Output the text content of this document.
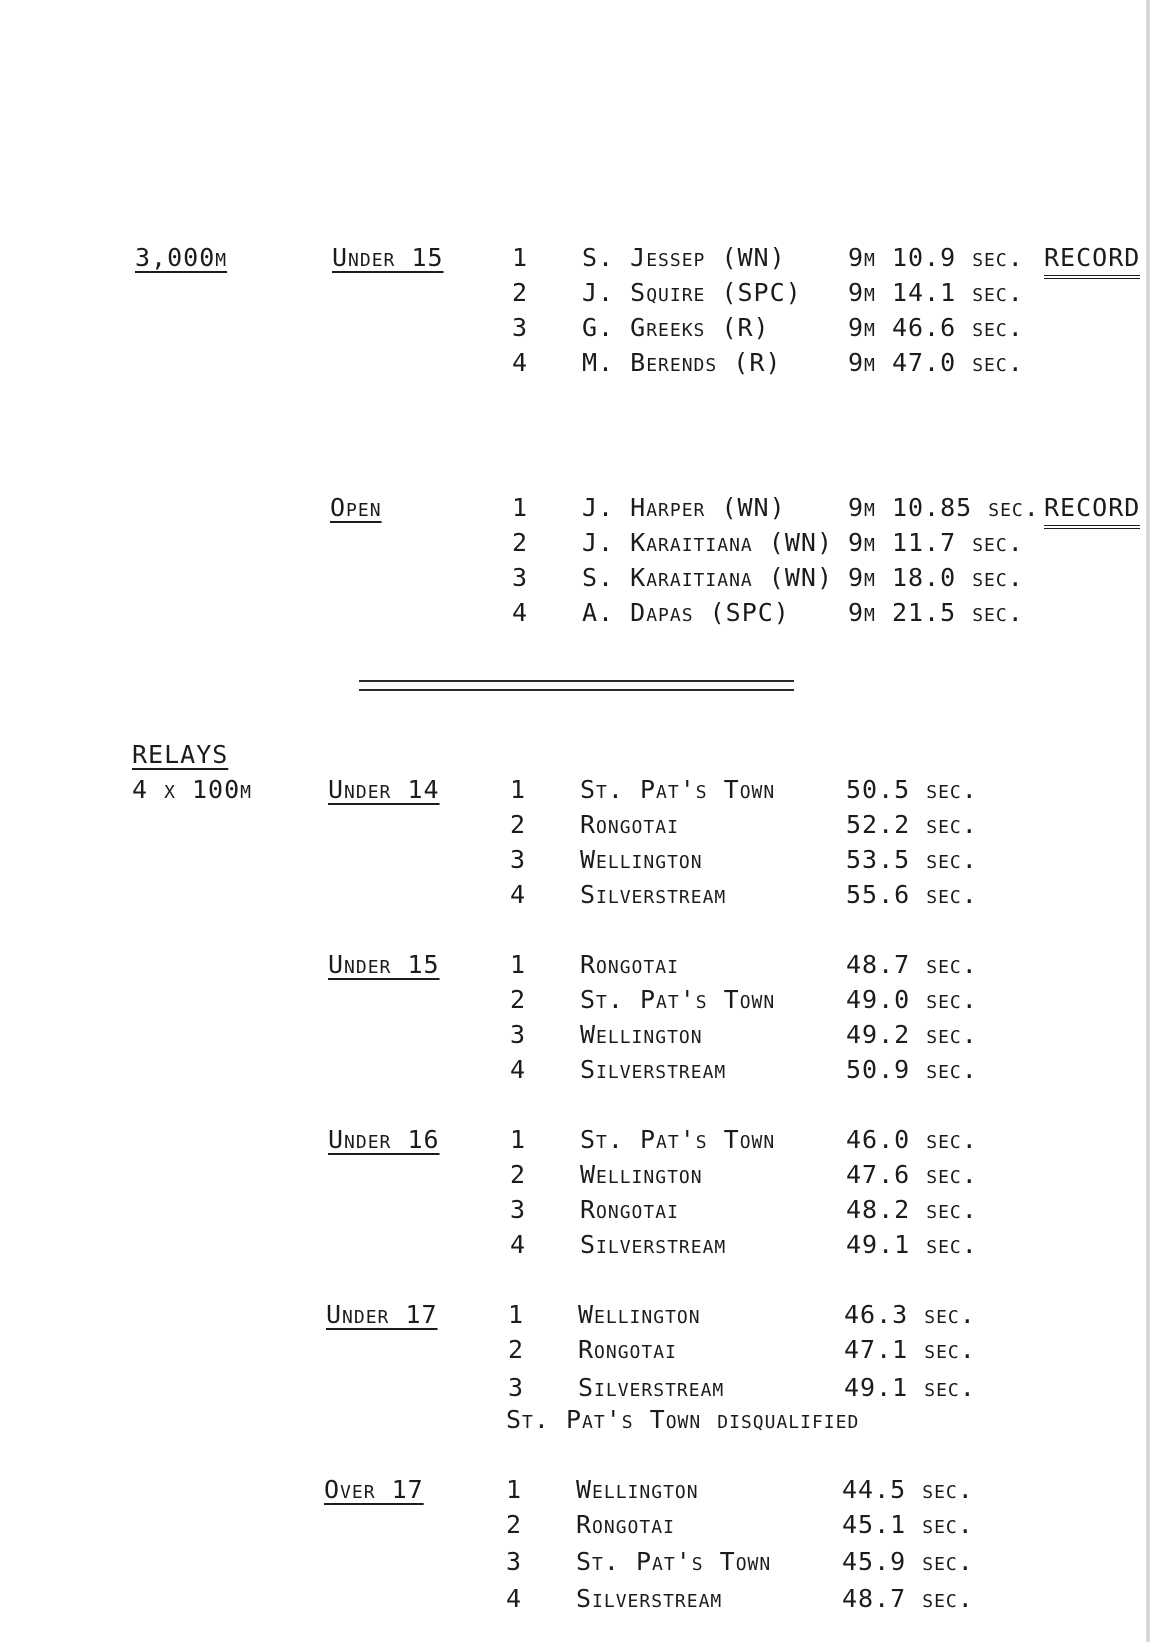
3,000m	Under 15	RECORD
1 S. Jessep (WN) 9m 10.9 sec.
2 J. Squire (SPC) 9m 14.1 sec.
3 G. Greeks (R)	9m 46.6 sec.
4 M. Berends (R)	9m 47.0 sec.
Open	RECORD
1 J. Harper (WN) 9m 10.85 sec.
2 J. Karaitiana (WN) 9m 11.7 sec.
3 S. Karaitiana (WN) 9m 18.0 sec.
4 A. Dapas (SPC) 9m 21.5 sec.
RELAYS
4 x 100m	Under 14	1 St. Pat's Town	50.5 sec.
2 Rongotai	52.2 sec.
3 Wellington	53.5 sec.
4 Silverstream	55.6 sec.
Under 15	1 Rongotai	48.7 sec.
2 St. Pat's Town	49.0 sec.
3 Wellington	49.2 sec.
4 Silverstream	50.9 sec.
Under 16	1 St. Pat's Town	46.0 sec.
2 Wellington	47.6 sec.
3 Rongotai	48.2 sec.
4 Silverstream	49.1 sec.
Under 17	1 Wellington	46.3 sec.
2 Rongotai	47.1 sec.
3 Silverstream	49.1 sec.
St. Pat's Town disqualified
Over 17	1 Wellington	44.5 sec.
2 Rongotai	45.1 sec.
3 St. Pat's Town	45.9 sec.
4 Silverstream	48.7 sec.
